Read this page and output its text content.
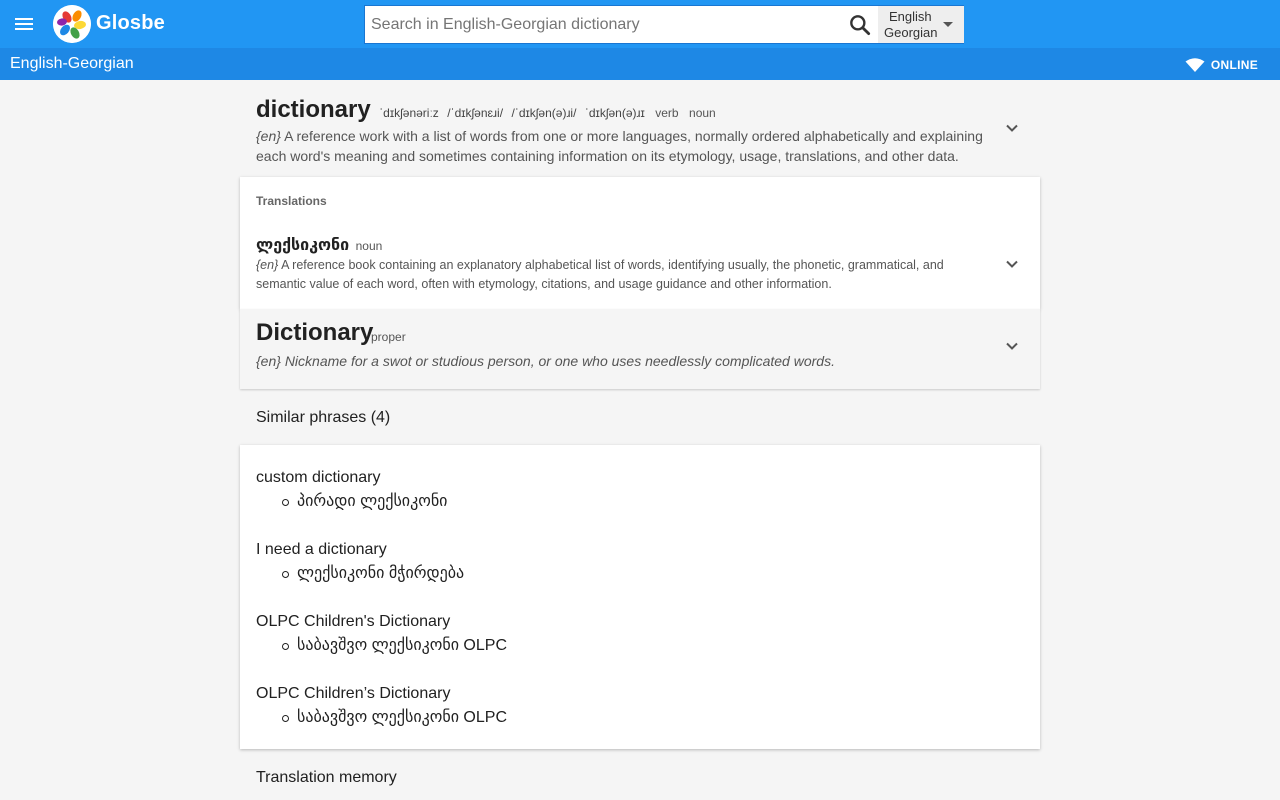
Glosbe
Search in English-Georgian dictionary	English
Georgian
English-Georgian	ONLINE
dictionary ˈdɪkʃənəriːz /ˈdɪkʃənɛɹi/ /ˈdɪkʃən(ə)ɹi/ ˈdɪkʃən(ə)ɹɪ verb noun
{en} A reference work with a list of words from one or more languages, normally ordered alphabetically and explaining each word's meaning and sometimes containing information on its etymology, usage, translations, and other data.
Translations
ლექსიკონი noun
{en} A reference book containing an explanatory alphabetical list of words, identifying usually, the phonetic, grammatical, and semantic value of each word, often with etymology, citations, and usage guidance and other information.
Dictionary
proper
{en} Nickname for a swot or studious person, or one who uses needlessly complicated words.
Similar phrases (4)
custom dictionary
პირადი ლექსიკონი
I need a dictionary
ლექსიკონი მჭირდება
OLPC Children's Dictionary
საბავშვო ლექსიკონი OLPC
OLPC Children’s Dictionary
საბავშვო ლექსიკონი OLPC
Translation memory
